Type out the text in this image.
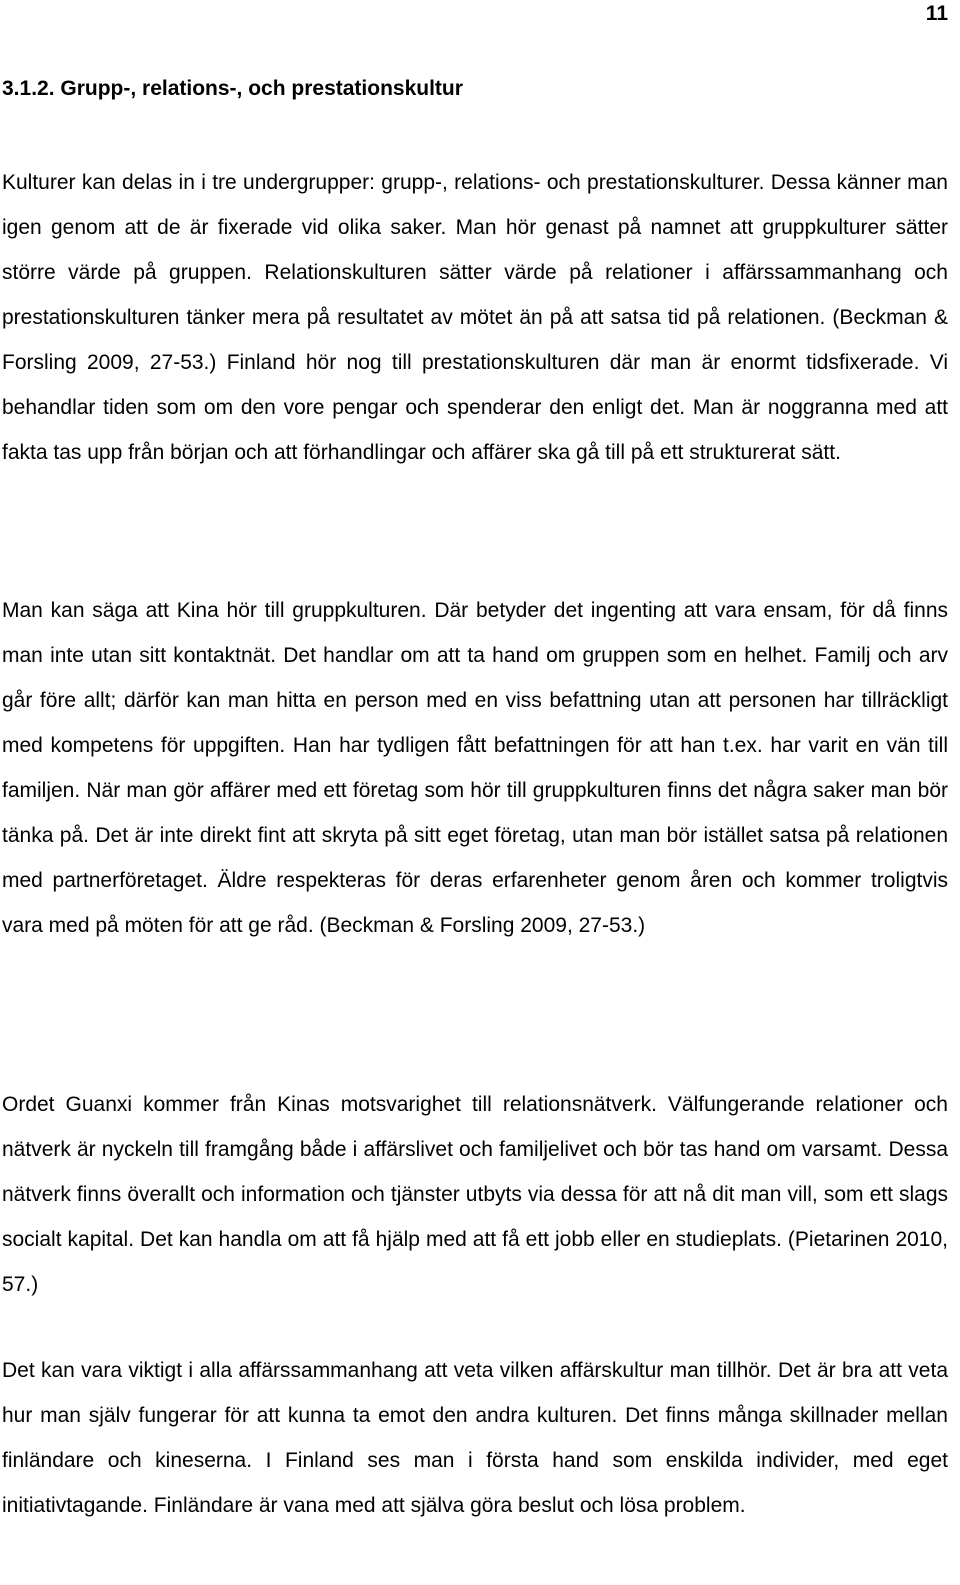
11
3.1.2. Grupp-, relations-, och prestationskultur

Kulturer kan delas in i tre undergrupper: grupp-, relations- och prestationskulturer. Dessa känner man igen genom att de är fixerade vid olika saker. Man hör genast på namnet att gruppkulturer sätter större värde på gruppen. Relationskulturen sätter värde på relationer i affärssammanhang och prestationskulturen tänker mera på resultatet av mötet än på att satsa tid på relationen. (Beckman & Forsling 2009, 27-53.) Finland hör nog till prestationskulturen där man är enormt tidsfixerade. Vi behandlar tiden som om den vore pengar och spenderar den enligt det. Man är noggranna med att fakta tas upp från början och att förhandlingar och affärer ska gå till på ett strukturerat sätt.

Man kan säga att Kina hör till gruppkulturen. Där betyder det ingenting att vara ensam, för då finns man inte utan sitt kontaktnät. Det handlar om att ta hand om gruppen som en helhet. Familj och arv går före allt; därför kan man hitta en person med en viss befattning utan att personen har tillräckligt med kompetens för uppgiften. Han har tydligen fått befattningen för att han t.ex. har varit en vän till familjen. När man gör affärer med ett företag som hör till gruppkulturen finns det några saker man bör tänka på. Det är inte direkt fint att skryta på sitt eget företag, utan man bör istället satsa på relationen med partnerföretaget. Äldre respekteras för deras erfarenheter genom åren och kommer troligtvis vara med på möten för att ge råd. (Beckman & Forsling 2009, 27-53.)

Ordet Guanxi kommer från Kinas motsvarighet till relationsnätverk. Välfungerande relationer och nätverk är nyckeln till framgång både i affärslivet och familjelivet och bör tas hand om varsamt. Dessa nätverk finns överallt och information och tjänster utbyts via dessa för att nå dit man vill, som ett slags socialt kapital. Det kan handla om att få hjälp med att få ett jobb eller en studieplats. (Pietarinen 2010, 57.)

Det kan vara viktigt i alla affärssammanhang att veta vilken affärskultur man tillhör. Det är bra att veta hur man själv fungerar för att kunna ta emot den andra kulturen. Det finns många skillnader mellan finländare och kineserna. I Finland ses man i första hand som enskilda individer, med eget initiativtagande. Finländare är vana med att själva göra beslut och lösa problem.
